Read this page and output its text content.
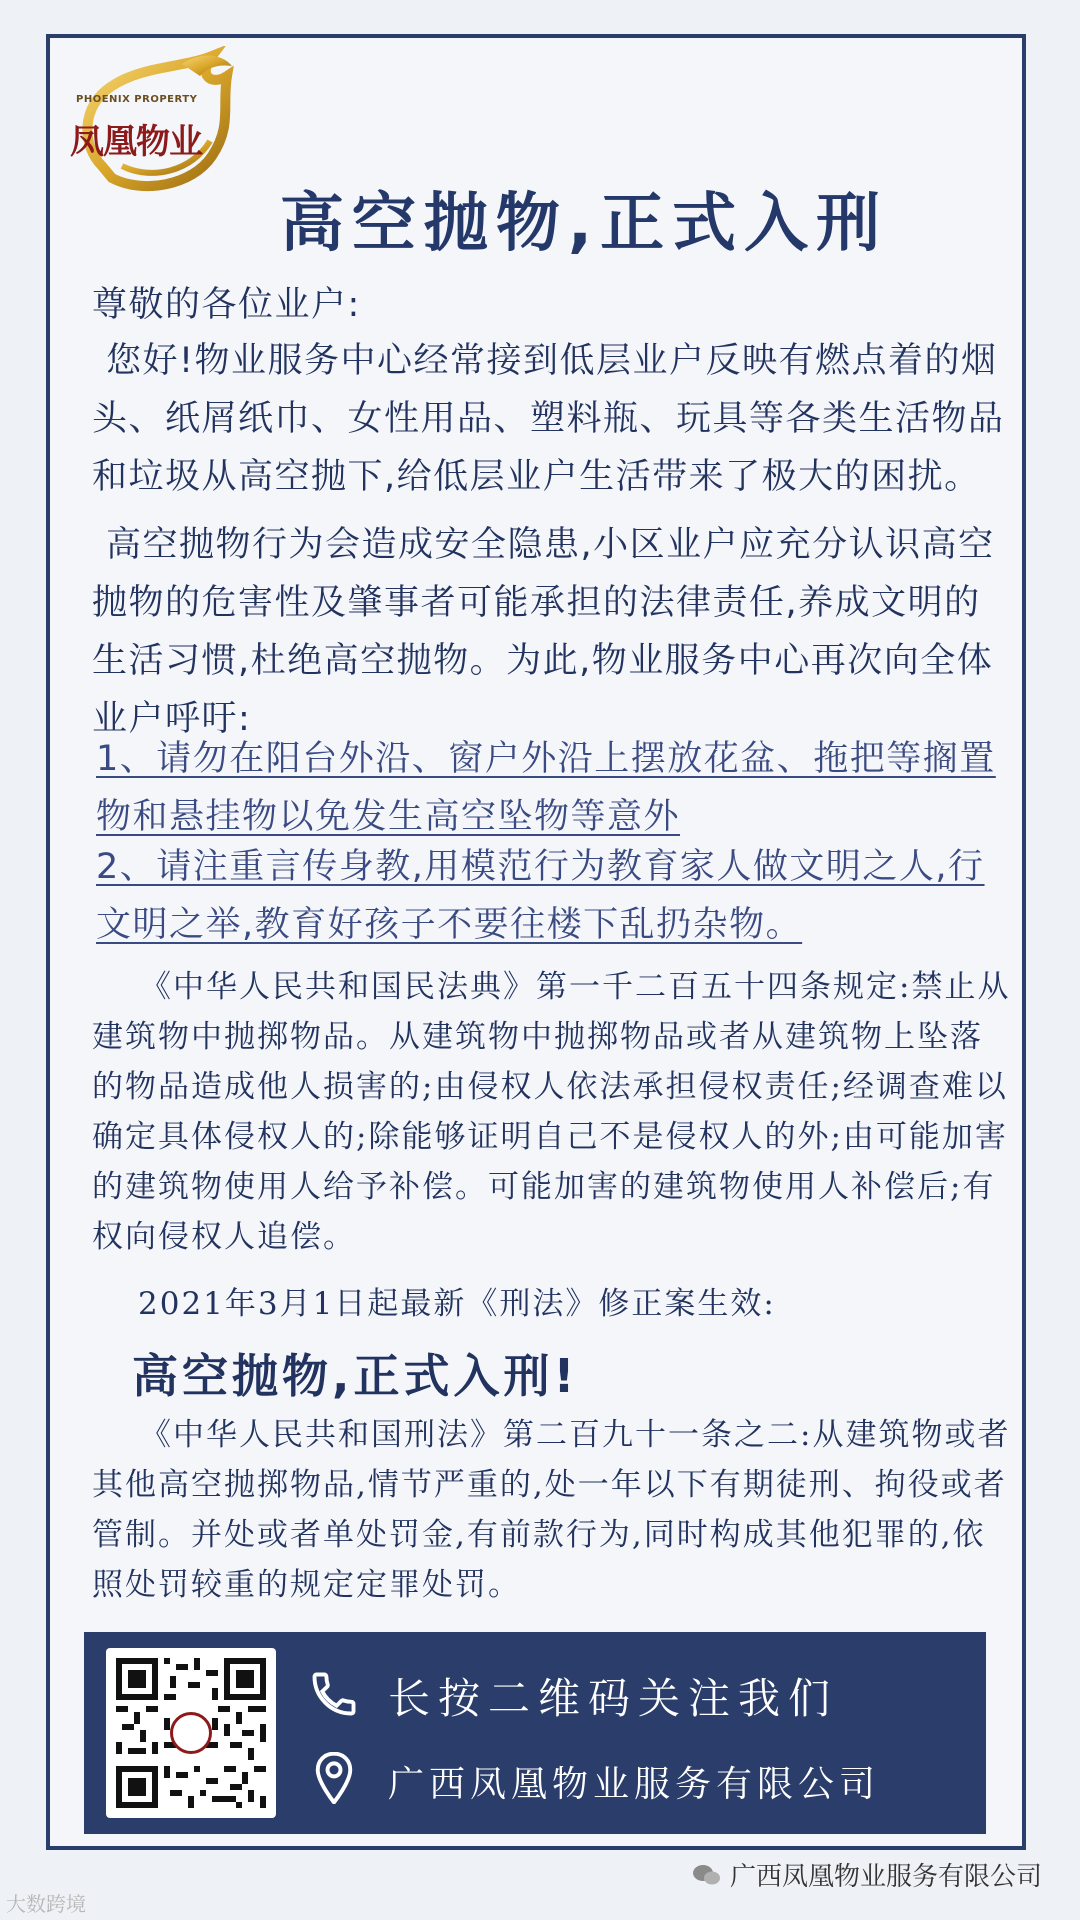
PHOENIX PROPERTY
凤凰物业
高空抛物,正式入刑

尊敬的各位业户:

您好!物业服务中心经常接到低层业户反映有燃点着的烟头、纸屑纸巾、女性用品、塑料瓶、玩具等各类生活物品和垃圾从高空抛下,给低层业户生活带来了极大的困扰。

高空抛物行为会造成安全隐患,小区业户应充分认识高空抛物的危害性及肇事者可能承担的法律责任,养成文明的生活习惯,杜绝高空抛物。为此,物业服务中心再次向全体业户呼吁:

1、请勿在阳台外沿、窗户外沿上摆放花盆、拖把等搁置物和悬挂物以免发生高空坠物等意外

2、请注重言传身教,用模范行为教育家人做文明之人,行文明之举,教育好孩子不要往楼下乱扔杂物。

《中华人民共和国民法典》第一千二百五十四条规定:禁止从建筑物中抛掷物品。从建筑物中抛掷物品或者从建筑物上坠落的物品造成他人损害的;由侵权人依法承担侵权责任;经调查难以确定具体侵权人的;除能够证明自己不是侵权人的外;由可能加害的建筑物使用人给予补偿。可能加害的建筑物使用人补偿后;有权向侵权人追偿。

2021年3月1日起最新《刑法》修正案生效:
高空抛物,正式入刑!

《中华人民共和国刑法》第二百九十一条之二:从建筑物或者其他高空抛掷物品,情节严重的,处一年以下有期徒刑、拘役或者管制。并处或者单处罚金,有前款行为,同时构成其他犯罪的,依照处罚较重的规定定罪处罚。

长按二维码关注我们
广西凤凰物业服务有限公司
广西凤凰物业服务有限公司
大数跨境
